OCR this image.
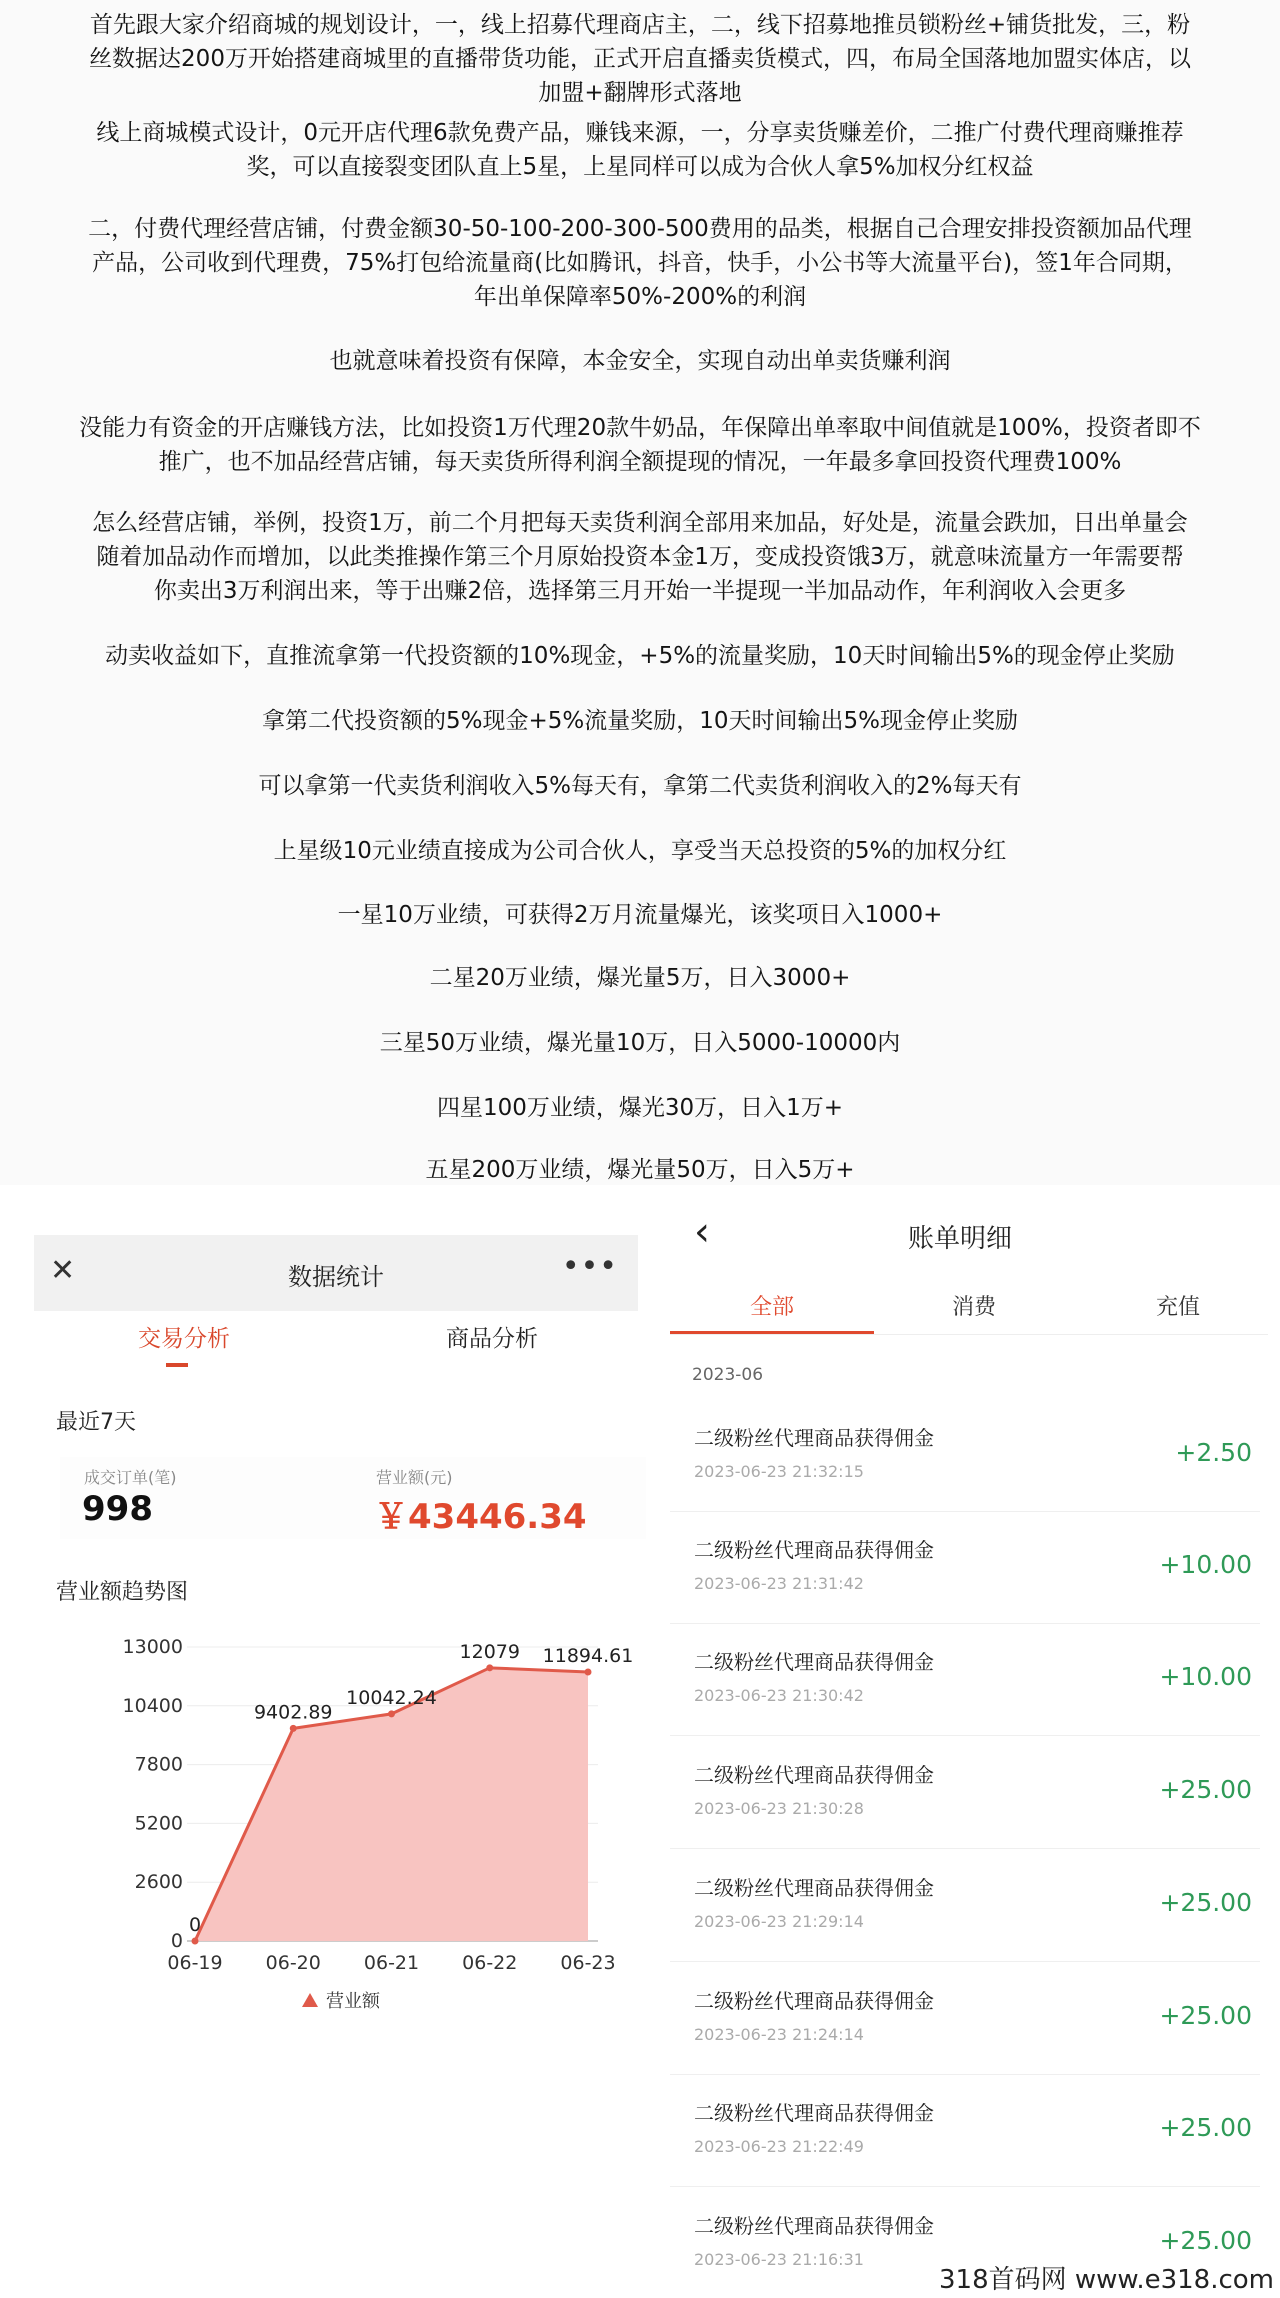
首先跟大家介绍商城的规划设计，一，线上招募代理商店主，二，线下招募地推员锁粉丝+铺货批发，三，粉
丝数据达200万开始搭建商城里的直播带货功能，正式开启直播卖货模式，四，布局全国落地加盟实体店，以
加盟+翻牌形式落地
线上商城模式设计，0元开店代理6款免费产品，赚钱来源，一，分享卖货赚差价，二推广付费代理商赚推荐
奖，可以直接裂变团队直上5星，上星同样可以成为合伙人拿5%加权分红权益
二，付费代理经营店铺，付费金额30-50-100-200-300-500费用的品类，根据自己合理安排投资额加品代理
产品，公司收到代理费，75%打包给流量商(比如腾讯，抖音，快手，小公书等大流量平台)，签1年合同期，
年出单保障率50%-200%的利润
也就意味着投资有保障，本金安全，实现自动出单卖货赚利润
没能力有资金的开店赚钱方法，比如投资1万代理20款牛奶品，年保障出单率取中间值就是100%，投资者即不
推广，也不加品经营店铺，每天卖货所得利润全额提现的情况，一年最多拿回投资代理费100%
怎么经营店铺，举例，投资1万，前二个月把每天卖货利润全部用来加品，好处是，流量会跌加，日出单量会
随着加品动作而增加，以此类推操作第三个月原始投资本金1万，变成投资饿3万，就意味流量方一年需要帮
你卖出3万利润出来，等于出赚2倍，选择第三月开始一半提现一半加品动作，年利润收入会更多
动卖收益如下，直推流拿第一代投资额的10%现金，+5%的流量奖励，10天时间输出5%的现金停止奖励
拿第二代投资额的5%现金+5%流量奖励，10天时间输出5%现金停止奖励
可以拿第一代卖货利润收入5%每天有，拿第二代卖货利润收入的2%每天有
上星级10元业绩直接成为公司合伙人，享受当天总投资的5%的加权分红
一星10万业绩，可获得2万月流量爆光，该奖项日入1000+
二星20万业绩，爆光量5万，日入3000+
三星50万业绩，爆光量10万，日入5000-10000内
四星100万业绩，爆光30万，日入1万+
五星200万业绩，爆光量50万，日入5万+
✕	数据统计	•••
交易分析	商品分析
最近7天
成交订单(笔)
998
营业额(元)
￥43446.34
营业额趋势图
0
2600
5200
7800
10400
13000
06-19 06-20 06-21 06-22 06-23
0
9402.89
10042.24
12079 11894.61
营业额
‹	账单明细
全部	消费	充值
2023-06
二级粉丝代理商品获得佣金
2023-06-23 21:32:15
+2.50
二级粉丝代理商品获得佣金
2023-06-23 21:31:42
+10.00
二级粉丝代理商品获得佣金
2023-06-23 21:30:42
+10.00
二级粉丝代理商品获得佣金
2023-06-23 21:30:28
+25.00
二级粉丝代理商品获得佣金
2023-06-23 21:29:14
+25.00
二级粉丝代理商品获得佣金
2023-06-23 21:24:14
+25.00
二级粉丝代理商品获得佣金
2023-06-23 21:22:49
+25.00
二级粉丝代理商品获得佣金
2023-06-23 21:16:31
+25.00
318首码网 www.e318.com
